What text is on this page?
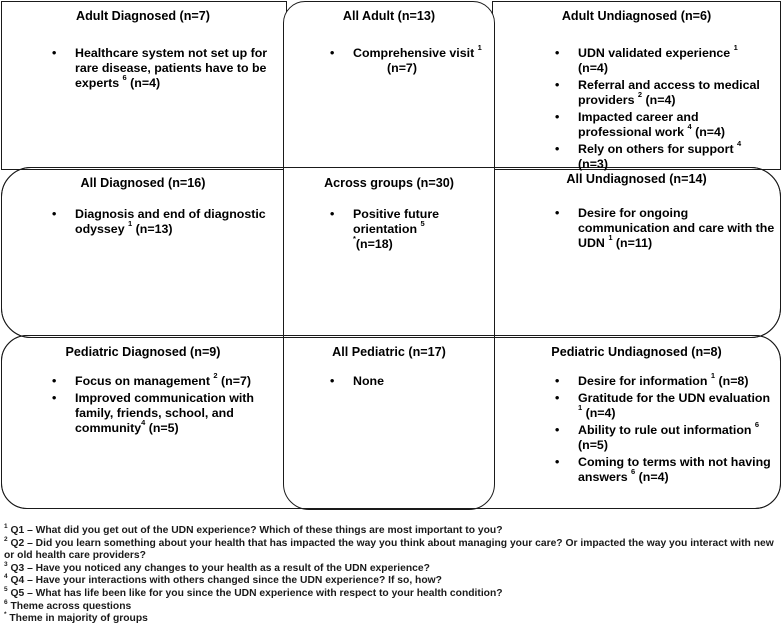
Adult Diagnosed (n=7)
• Healthcare system not set up for rare disease, patients have to be experts $^6$ (n=4)
All Adult (n=13)
• Comprehensive visit $^1$
(n=7)
Adult Undiagnosed (n=6)
• UDN validated experience $^1$
(n=4)
• Referral and access to medical providers $^2$ (n=4)
• Impacted career and professional work $^4$ (n=4)
• Rely on others for support $^4$
(n=3)
All Diagnosed (n=16)
• Diagnosis and end of diagnostic odyssey $^1$ (n=13)
Across groups (n=30)
• Positive future orientation $^5$
*(n=18)
All Undiagnosed (n=14)
• Desire for ongoing communication and care with the UDN $^1$ (n=11)
Pediatric Diagnosed (n=9)
• Focus on management $^2$ (n=7)
• Improved communication with family, friends, school, and community$^4$ (n=5)
All Pediatric (n=17)
• None
Pediatric Undiagnosed (n=8)
• Desire for information $^1$ (n=8)
• Gratitude for the UDN evaluation $^1$ (n=4)
• Ability to rule out information $^6$
(n=5)
• Coming to terms with not having answers $^6$ (n=4)

$^1$ Q1 – What did you get out of the UDN experience? Which of these things are most important to you?

$^2$ Q2 – Did you learn something about your health that has impacted the way you think about managing your care? Or impacted the way you interact with new or old health care providers?

$^3$ Q3 – Have you noticed any changes to your health as a result of the UDN experience?

$^4$ Q4 – Have your interactions with others changed since the UDN experience? If so, how?

$^5$ Q5 – What has life been like for you since the UDN experience with respect to your health condition?

$^6$ Theme across questions

* Theme in majority of groups
